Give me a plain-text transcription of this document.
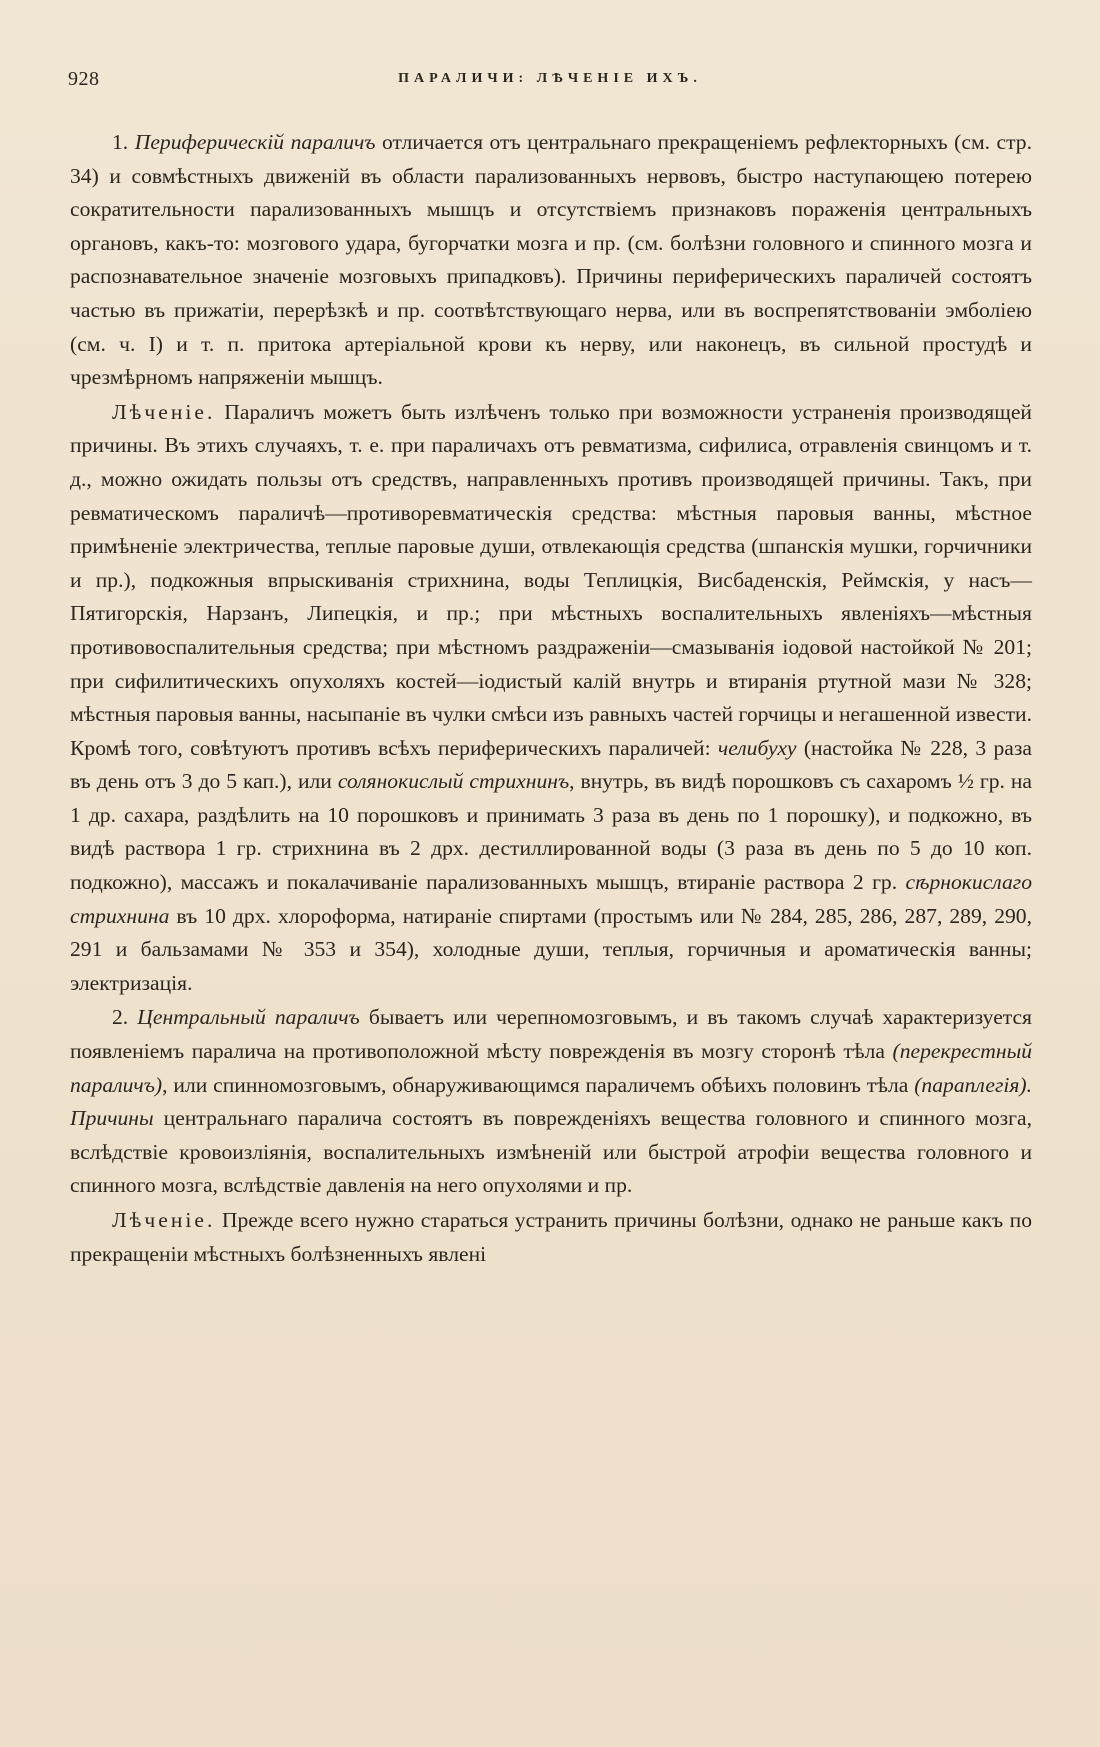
928	ПАРАЛИЧИ: ЛѢЧЕНІЕ ИХЪ.

1. Периферическій параличъ отличается отъ центральнаго прекращеніемъ рефлекторныхъ (см. стр. 34) и совмѣстныхъ движеній въ области парализованныхъ нервовъ, быстро наступающею потерею сократительности парализованныхъ мышцъ и отсутствіемъ признаковъ пораженія центральныхъ органовъ, какъ-то: мозгового удара, бугорчатки мозга и пр. (см. болѣзни головного и спинного мозга и распознавательное значеніе мозговыхъ припадковъ). Причины периферическихъ параличей состоятъ частью въ прижатіи, перерѣзкѣ и пр. соотвѣтствующаго нерва, или въ воспрепятствованіи эмболіею (см. ч. I) и т. п. притока артеріальной крови къ нерву, или наконецъ, въ сильной простудѣ и чрезмѣрномъ напряженіи мышцъ.

Лѣченіе. Параличъ можетъ быть излѣченъ только при возможности устраненія производящей причины. Въ этихъ случаяхъ, т. е. при параличахъ отъ ревматизма, сифилиса, отравленія свинцомъ и т. д., можно ожидать пользы отъ средствъ, направленныхъ противъ производящей причины. Такъ, при ревматическомъ параличѣ—противоревматическія средства: мѣстныя паровыя ванны, мѣстное примѣненіе электричества, теплые паровые души, отвлекающія средства (шпанскія мушки, горчичники и пр.), подкожныя впрыскиванія стрихнина, воды Теплицкія, Висбаденскія, Реймскія, у насъ—Пятигорскія, Нарзанъ, Липецкія, и пр.; при мѣстныхъ воспалительныхъ явленіяхъ—мѣстныя противовоспалительныя средства; при мѣстномъ раздраженіи—смазыванія іодовой настойкой № 201; при сифилитическихъ опухоляхъ костей—іодистый калій внутрь и втиранія ртутной мази № 328; мѣстныя паровыя ванны, насыпаніе въ чулки смѣси изъ равныхъ частей горчицы и негашенной извести. Кромѣ того, совѣтуютъ противъ всѣхъ периферическихъ параличей: челибуху (настойка № 228, 3 раза въ день отъ 3 до 5 кап.), или солянокислый стрихнинъ, внутрь, въ видѣ порошковъ съ сахаромъ ½ гр. на 1 др. сахара, раздѣлить на 10 порошковъ и принимать 3 раза въ день по 1 порошку), и подкожно, въ видѣ раствора 1 гр. стрихнина въ 2 дрх. дестиллированной воды (3 раза въ день по 5 до 10 коп. подкожно), массажъ и покалачиваніе парализованныхъ мышцъ, втираніе раствора 2 гр. сѣрнокислаго стрихнина въ 10 дрх. хлороформа, натираніе спиртами (простымъ или № 284, 285, 286, 287, 289, 290, 291 и бальзамами № 353 и 354), холодные души, теплыя, горчичныя и ароматическія ванны; электризація.

2. Центральный параличъ бываетъ или черепномозговымъ, и въ такомъ случаѣ характеризуется появленіемъ паралича на противоположной мѣсту поврежденія въ мозгу сторонѣ тѣла (перекрестный параличъ), или спинномозговымъ, обнаруживающимся параличемъ обѣихъ половинъ тѣла (параплегія). Причины центральнаго паралича состоятъ въ поврежденіяхъ вещества головного и спинного мозга, вслѣдствіе кровоизліянія, воспалительныхъ измѣненій или быстрой атрофіи вещества головного и спинного мозга, вслѣдствіе давленія на него опухолями и пр.

Лѣченіе. Прежде всего нужно стараться устранить причины болѣзни, однако не раньше какъ по прекращеніи мѣстныхъ болѣзненныхъ явлені
